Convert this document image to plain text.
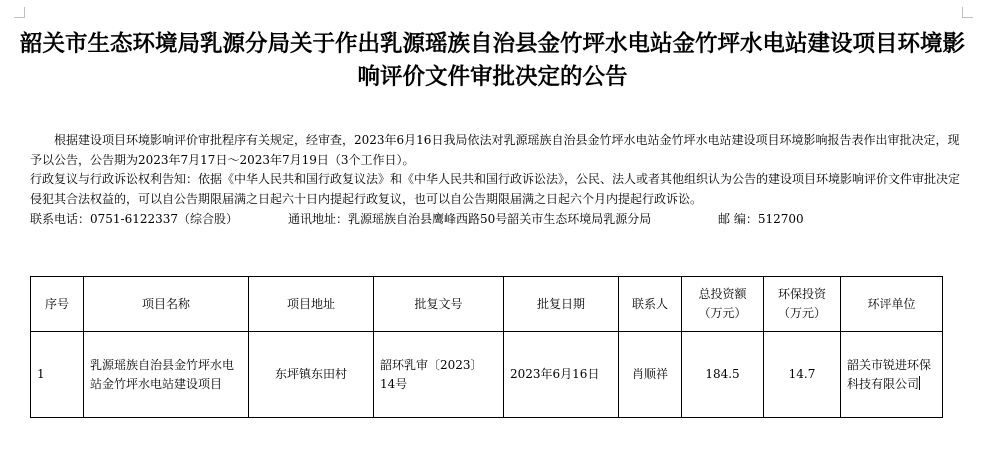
韶关市生态环境局乳源分局关于作出乳源瑶族自治县金竹坪水电站金竹坪水电站建设项目环境影响评价文件审批决定的公告

根据建设项目环境影响评价审批程序有关规定，经审查，2023年6月16日我局依法对乳源瑶族自治县金竹坪水电站金竹坪水电站建设项目环境影响报告表作出审批决定，现予以公告，公告期为2023年7月17日～2023年7月19日（3个工作日）。

行政复议与行政诉讼权利告知：依据《中华人民共和国行政复议法》和《中华人民共和国行政诉讼法》，公民、法人或者其他组织认为公告的建设项目环境影响评价文件审批决定侵犯其合法权益的，可以自公告期限届满之日起六十日内提起行政复议，也可以自公告期限届满之日起六个月内提起行政诉讼。

联系电话：0751-6122337（综合股）	通讯地址：乳源瑶族自治县鹰峰西路50号韶关市生态环境局乳源分局	邮 编：512700

序号	项目名称	项目地址	批复文号	批复日期	联系人	总投资额（万元）	环保投资（万元）	环评单位
1	乳源瑶族自治县金竹坪水电站金竹坪水电站建设项目	东坪镇东田村	韶环乳审〔2023〕14号	2023年6月16日	肖顺祥	184.5	14.7	韶关市锐进环保科技有限公司
